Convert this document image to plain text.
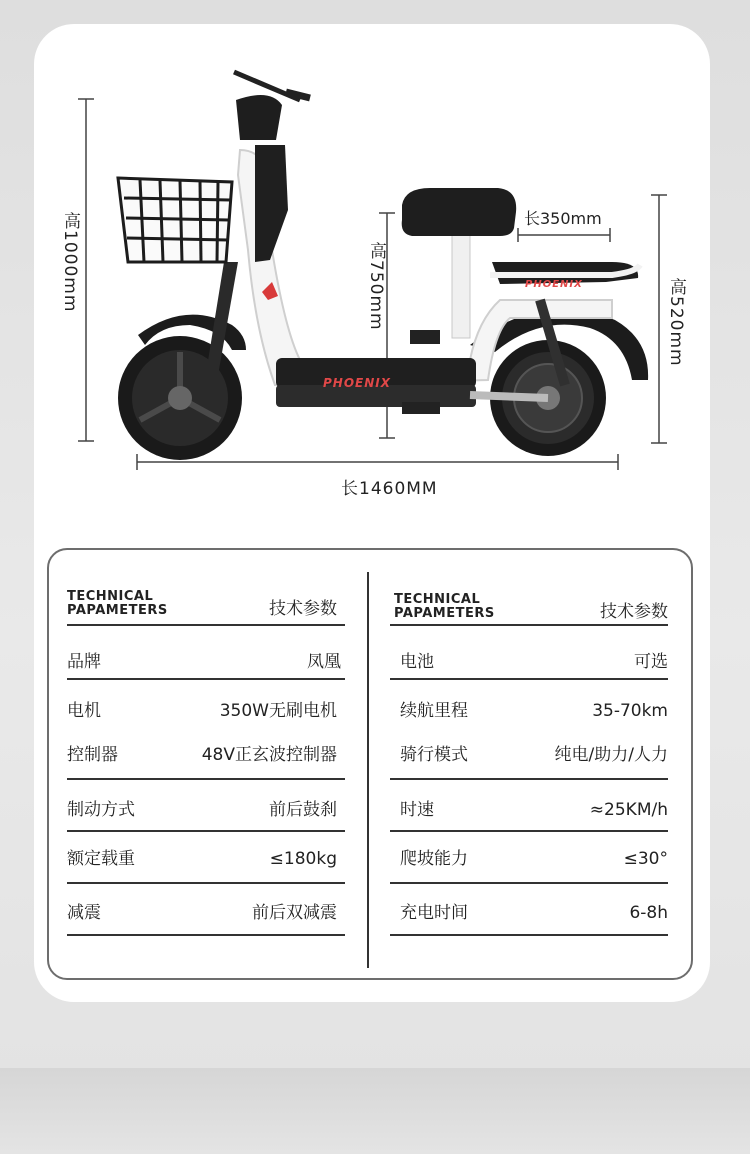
PHOENIX
PHOENIX
高1000mm	高750mm	高520mm
长350mm
长1460MM
TECHNICAL
PAPAMETERS	技术参数
品牌	凤凰
电机	350W无刷电机
控制器	48V正玄波控制器
制动方式	前后鼓刹
额定载重	≤180kg
减震	前后双减震
TECHNICAL
PAPAMETERS	技术参数
电池	可选
续航里程	35-70km
骑行模式	纯电/助力/人力
时速	≈25KM/h
爬坡能力	≤30°
充电时间	6-8h
